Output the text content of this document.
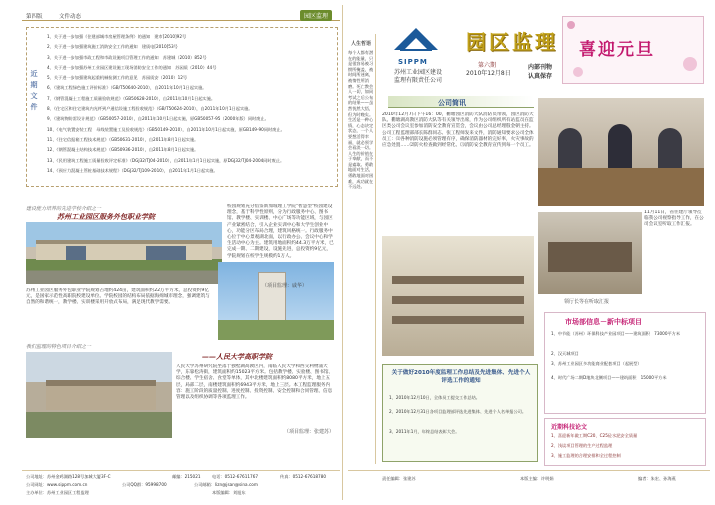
第四版	文件动态	园区监理
近期文件
1、关于进一步加强《住建部城市房屋管理条例》的通知　建市[2010]92号
2、关于进一步加强建筑施工消防安全工作的通知　建质电[2010]53号
3、关于进一步加强市政工程和市政设施项目管理工作的通知　苏建城（2010）852号
4、关于进一步加强苏州工业园区建设施工现场消防安全工作的通知　苏园质（2010）44号
5、关于进一步加强建筑起重机械检测工作的意见　苏园质安（2010）12号
6、《建筑工程绿色施工评价标准》（GB/T50640-2010），自2011年10月1日起实施。
7、《钢管混凝土工程施工质量验收规范》（GB50628-2010），自2011年10月1日起实施。
8、《住宅区和住宅建筑内光纤到户通信设施工程验收规范》（GB/T50624-2010），自2011年10月1日起实施。
9、《建筑物防雷设计规范》（GB50057-2010），自2011年10月1日起实施，原GB50057-95（2000年版）同时废止。
10、《电气装置安装工程　母线装置施工及验收规范》（GB50149-2010），自2011年10月1日起实施，原GB149-90同时废止。
11、《住宅信报箱工程技术规范》（GB50631-2010），自2011年8月1日起实施。
12、《钢管混凝土结构技术规范》（GB50936-2010），自2011年8月1日起实施。
13、《民用建筑工程施工质量验收评定标准》（DGJ32/TJ04-2010），自2011年1月1日起实施，原DGJ32/TJ04-2004同时废止。
14、《预应力混凝土管桩基础技术规程》（DGJ32/TJ109-2010），自2011年1月1日起实施。
建设能力培养的先进学校介绍之一
苏州工业园区服务外包职业学院
校园规划充分借鉴新加坡理工学院"智慧型"校园建设理念，基于科学性原则，分为行政服务中心、图书馆、教学楼、实训楼、中心广场等功能区域，与园区产业紧密结合，引入企业实训中心和大学生创业中心，功能分区布局合理，建筑风格统一。行政服务中心位于中心景观湖北面，以行政办公、会议中心和学生活动中心为主。建筑用地面积约44.3万平方米，已完成一期、二期建设，设施先进，总投资约9亿元，学院规划在校学生规模约1万人。
苏州工业园区服务外包职业学院规划占地约424亩，建筑面积约22万平方米，总投资约9亿元，是国家示范性高职院校建设单位。学院校园的结构布局依据海绵城市理念，强调建筑与自然的和谐统一，教学楼、实训楼采用开放式布局，满足现代教学需要。
（项目监理：戚华）
我们监理的特色项目介绍之一
——人民大学高职学院
人民大学苏州研究院坐落于独墅湖高教区内，南临人民大学和西交利物浦大学，东靠松涛街，建筑面积约15023平方米。包括教学楼、实验楼、图书馆、综合楼、学生宿舍、食堂等单体，其中北楼建筑面积约8080平方米，地上五层，局部二层，南楼建筑面积约6943平方米，地上三层。本工程监理服务内容：施工阶段的质量控制、进度控制、投资控制、安全控制和合同管理、信息管理以及组织协调等各项监理工作。
（项目监理：张建苏）
公司地址：苏州金鸡湖路128号加城大厦3F-C	邮编：215021	电话：0512-67611767	传真：0512-67618780
公司网址：www.sippm.com.cn	公司QQ群：95998700	公司邮箱：lizn@jsan@sina.com
主办单位：苏州工业园区工程监理	本版编辑：刘旭东
SIPPM
苏州工业园区建设
监理有限责任公司
园区监理
第六期
2010年12月8日
内部刊物
认真保存
喜迎元旦
人生哲语
每个人都有潜在的能量，只是很容易被习惯所掩盖，被时间所迷离，被惰性所消磨。死亡教会人一切，如同考试之后公布的结果——虽然恍然大悟，但为时晚矣。生活是一种心情，心态决定状态，一个人要想活得幸福，就必须学会看淡一切。人生的价值在于奉献，而不是索取。勇敢地面对生活，勇敢地面对困难，成功就在不远处。
公司简讯
2010年12月7日下午16：00，衢塘园区消防大队消防员带领，园区消防大队、衢塘湖高教区消防大队等有关领导出席，作为公司组织所有站监员在监区类公司会议室参加消防安全教育宣贯会，会议由公司总经理殷金朝主持。公司工程监理部部长陈群同志、张工程师发来文件，消防通知要求公司全体员工：⑴各种消防设施必须管理有序，确保消防器材的完好率，火灾事故的应急处置……⑵防火检查做到经常化、⑶消防安全教育宣传到每一个员工。
11月11日，省住建厅领导莅临我公司视察指导工作，在公司会议室听取工作汇报。
领厅长等在听取汇报
市场部信息－新中标项目
1、中节能（苏州）环保科技产业园项目——建筑面积　73000平方米
2、汉天城项目
3、苏州工业园区多功能商业配套项目（起展型）
4、时代广场二期D地块北侧项目——建筑面积　15000平方米
近期科技论文
1、喜迎新年做工期C20、C25砼水泥安全质量
2、浅谈项目管理的生产过程监理
3、施工监理的合理安排和全过程控制
关于做好2010年度监理工作总结及先进集体、先进个人评选工作的通知
1、2010年12月10日，全体员工提交工作总结。
2、2010年12月31日各项目监理部评选先进集体、先进个人名单报公司。
3、2011年1月，年终总结表彰大会。
责任编辑：张建苏	本版主编：许明娟	编者：朱宏、孙海燕
